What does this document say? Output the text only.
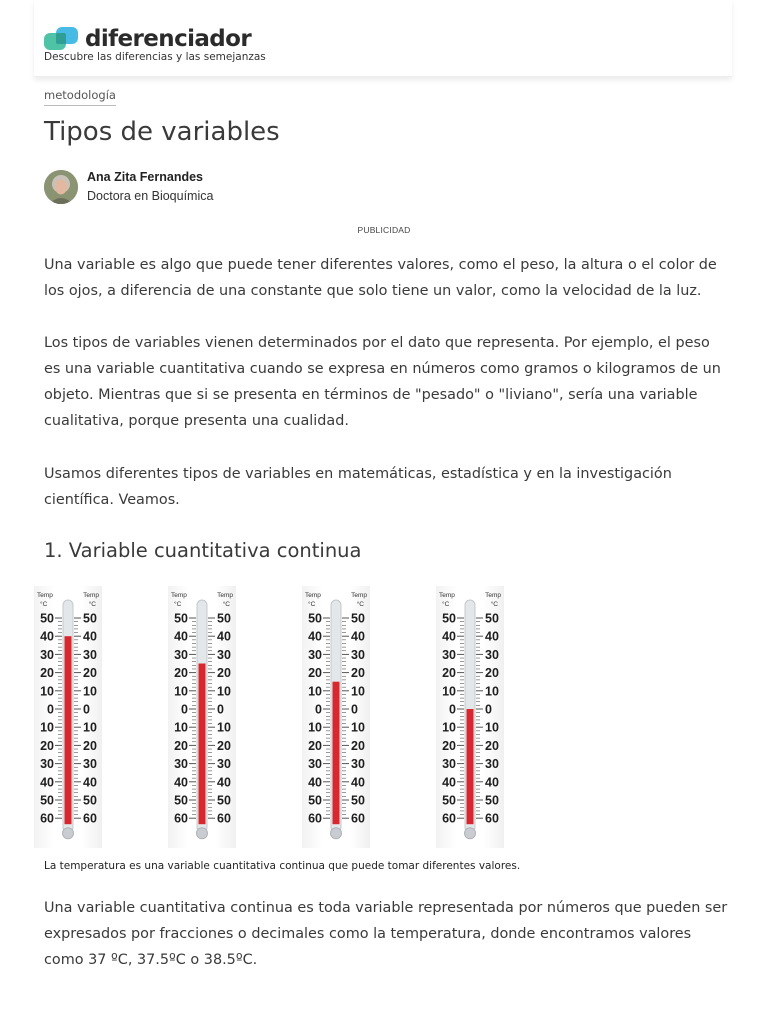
diferenciador
Descubre las diferencias y las semejanzas
metodología
Tipos de variables
Ana Zita Fernandes
Doctora en Bioquímica
PUBLICIDAD

Una variable es algo que puede tener diferentes valores, como el peso, la altura o el color de los ojos, a diferencia de una constante que solo tiene un valor, como la velocidad de la luz.

Los tipos de variables vienen determinados por el dato que representa. Por ejemplo, el peso es una variable cuantitativa cuando se expresa en números como gramos o kilogramos de un objeto. Mientras que si se presenta en términos de "pesado" o "liviano", sería una variable cualitativa, porque presenta una cualidad.

Usamos diferentes tipos de variables en matemáticas, estadística y en la investigación científica. Veamos.

1. Variable cuantitativa continua
Temp
°C
Temp
°C
50 50
40 40
30 30
20 20
10 10
0 0
10 10
20 20
30 30
40 40
50 50
60 60
Temp
°C
Temp
°C
50 50
40 40
30 30
20 20
10 10
0 0
10 10
20 20
30 30
40 40
50 50
60 60
Temp
°C
Temp
°C
50 50
40 40
30 30
20 20
10 10
0 0
10 10
20 20
30 30
40 40
50 50
60 60
Temp
°C
Temp
°C
50 50
40 40
30 30
20 20
10 10
0 0
10 10
20 20
30 30
40 40
50 50
60 60
La temperatura es una variable cuantitativa continua que puede tomar diferentes valores.

Una variable cuantitativa continua es toda variable representada por números que pueden ser expresados por fracciones o decimales como la temperatura, donde encontramos valores como 37 ºC, 37.5ºC o 38.5ºC.
